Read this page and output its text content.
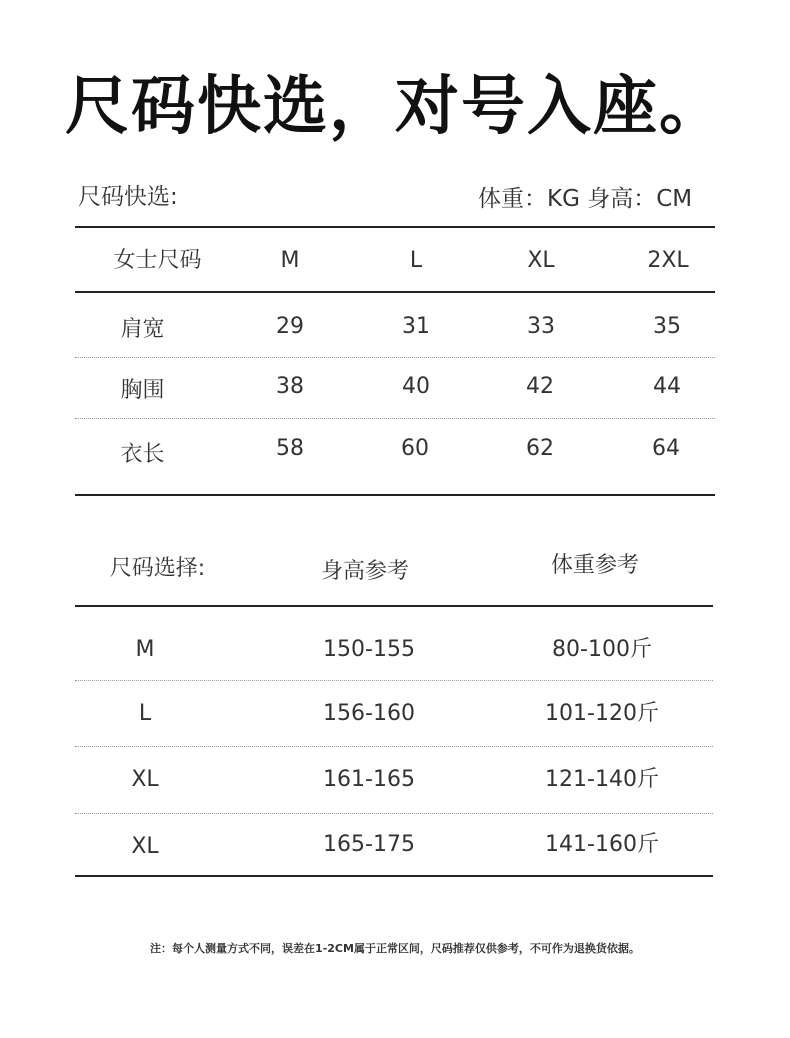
尺码快选，对号入座。
尺码快选:	体重：KG 身高：CM
女士尺码	M	L	XL	2XL
肩宽	29	31	33	35
胸围	38	40	42	44
衣长	58	60	62	64
尺码选择:	身高参考	体重参考
M	150-155	80-100斤
L	156-160	101-120斤
XL	161-165	121-140斤
XL	165-175	141-160斤
注：每个人测量方式不同，误差在1-2CM属于正常区间，尺码推荐仅供参考，不可作为退换货依据。
